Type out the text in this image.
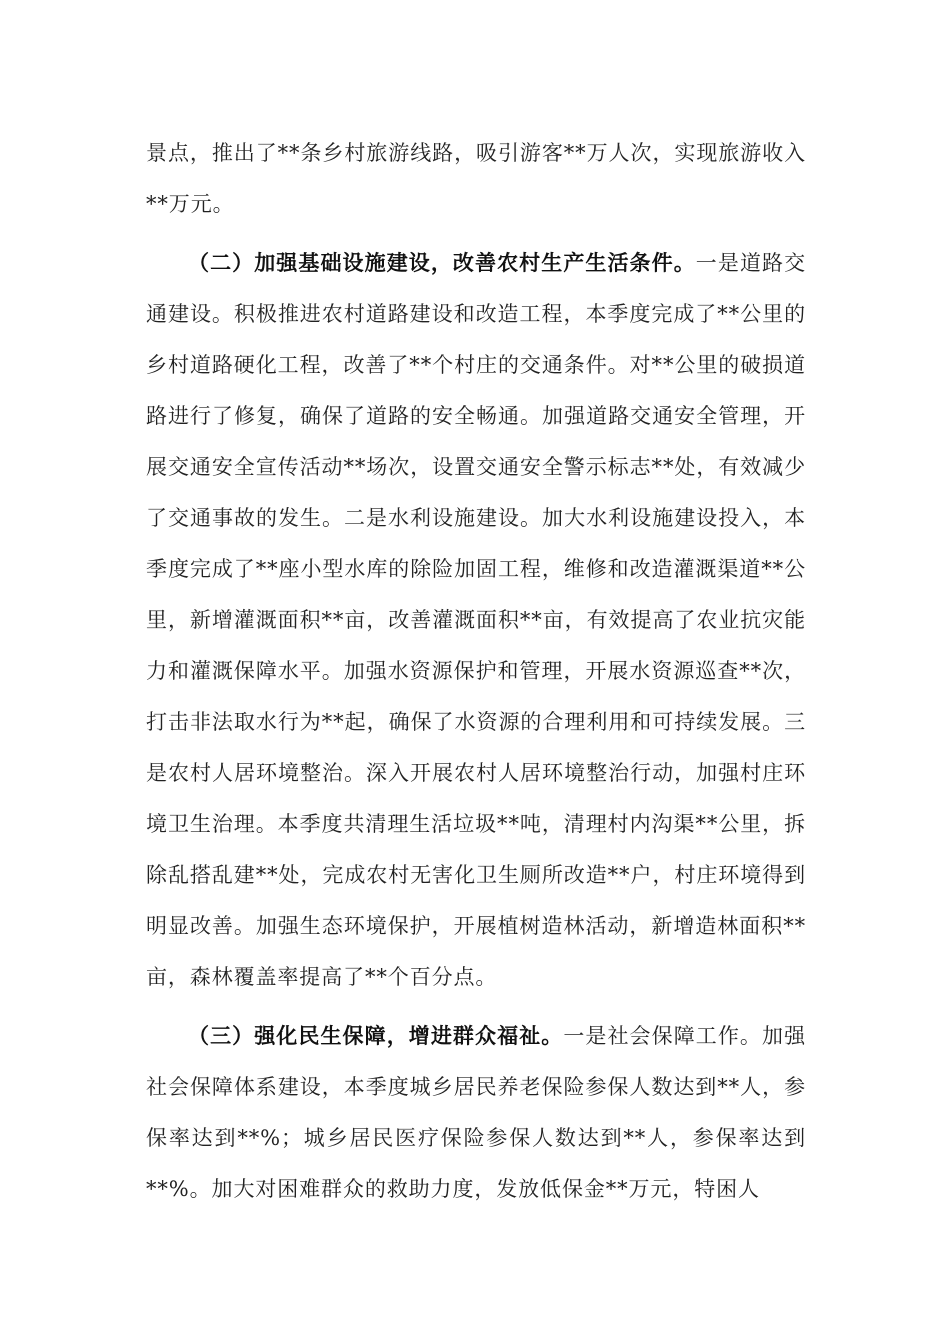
景点，推出了**条乡村旅游线路，吸引游客**万人次，实现旅游收入**万元。

（二）加强基础设施建设，改善农村生产生活条件。一是道路交通建设。积极推进农村道路建设和改造工程，本季度完成了**公里的乡村道路硬化工程，改善了**个村庄的交通条件。对**公里的破损道路进行了修复，确保了道路的安全畅通。加强道路交通安全管理，开展交通安全宣传活动**场次，设置交通安全警示标志**处，有效减少了交通事故的发生。二是水利设施建设。加大水利设施建设投入，本季度完成了**座小型水库的除险加固工程，维修和改造灌溉渠道**公里，新增灌溉面积**亩，改善灌溉面积**亩，有效提高了农业抗灾能力和灌溉保障水平。加强水资源保护和管理，开展水资源巡查**次，打击非法取水行为**起，确保了水资源的合理利用和可持续发展。三是农村人居环境整治。深入开展农村人居环境整治行动，加强村庄环境卫生治理。本季度共清理生活垃圾**吨，清理村内沟渠**公里，拆除乱搭乱建**处，完成农村无害化卫生厕所改造**户，村庄环境得到明显改善。加强生态环境保护，开展植树造林活动，新增造林面积**亩，森林覆盖率提高了**个百分点。

（三）强化民生保障，增进群众福祉。一是社会保障工作。加强社会保障体系建设，本季度城乡居民养老保险参保人数达到**人，参保率达到**%；城乡居民医疗保险参保人数达到**人，参保率达到**%。加大对困难群众的救助力度，发放低保金**万元，特困人
